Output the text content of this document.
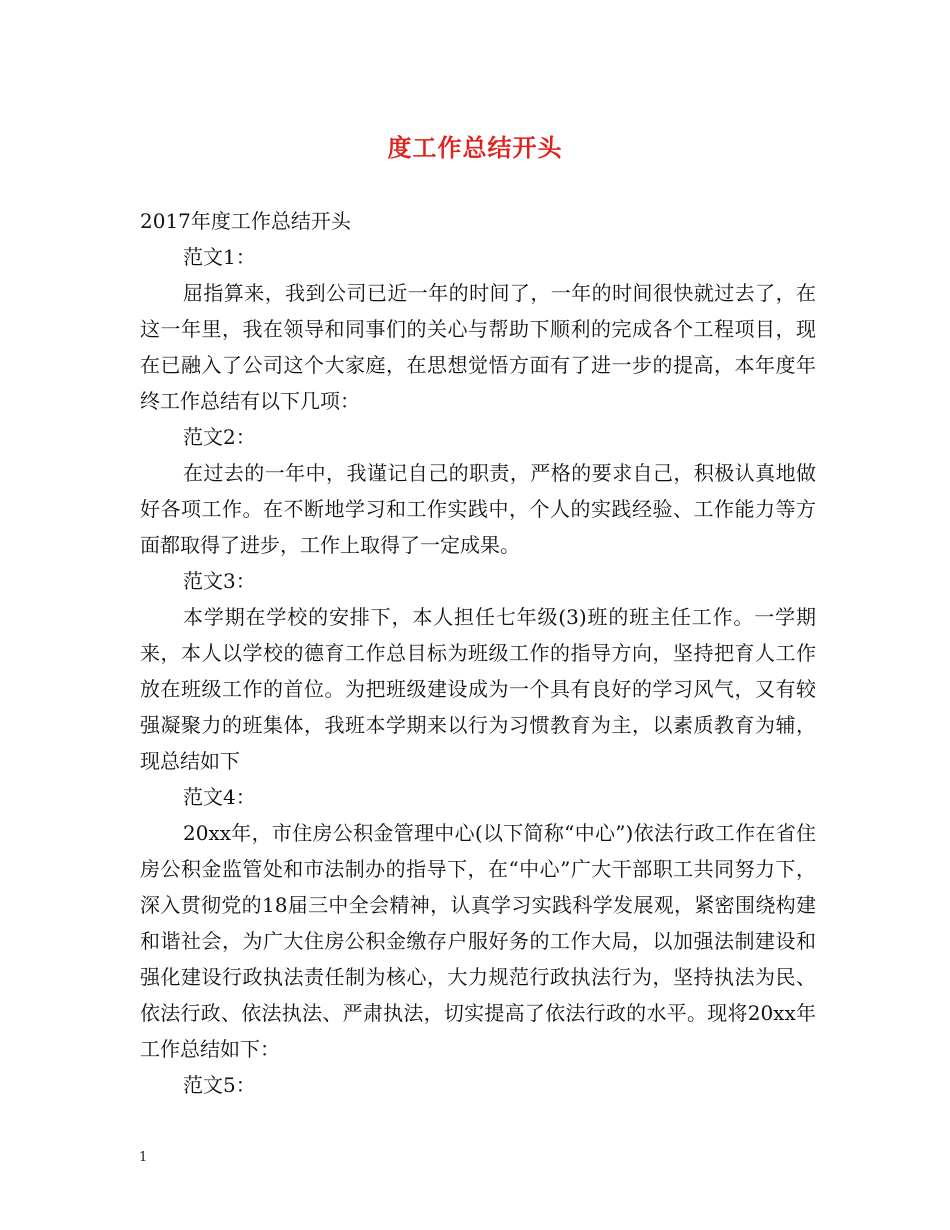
度工作总结开头

2017年度工作总结开头

范文1：

屈指算来，我到公司已近一年的时间了，一年的时间很快就过去了，在这一年里，我在领导和同事们的关心与帮助下顺利的完成各个工程项目，现在已融入了公司这个大家庭，在思想觉悟方面有了进一步的提高，本年度年终工作总结有以下几项：

范文2：

在过去的一年中，我谨记自己的职责，严格的要求自己，积极认真地做好各项工作。在不断地学习和工作实践中，个人的实践经验、工作能力等方面都取得了进步，工作上取得了一定成果。

范文3：

本学期在学校的安排下，本人担任七年级(3)班的班主任工作。一学期来，本人以学校的德育工作总目标为班级工作的指导方向，坚持把育人工作放在班级工作的首位。为把班级建设成为一个具有良好的学习风气，又有较强凝聚力的班集体，我班本学期来以行为习惯教育为主，以素质教育为辅，现总结如下

范文4：

20xx年，市住房公积金管理中心(以下简称“中心”)依法行政工作在省住房公积金监管处和市法制办的指导下，在“中心”广大干部职工共同努力下，深入贯彻党的18届三中全会精神，认真学习实践科学发展观，紧密围绕构建和谐社会，为广大住房公积金缴存户服好务的工作大局，以加强法制建设和强化建设行政执法责任制为核心，大力规范行政执法行为，坚持执法为民、依法行政、依法执法、严肃执法，切实提高了依法行政的水平。现将20xx年工作总结如下：

范文5：

1
